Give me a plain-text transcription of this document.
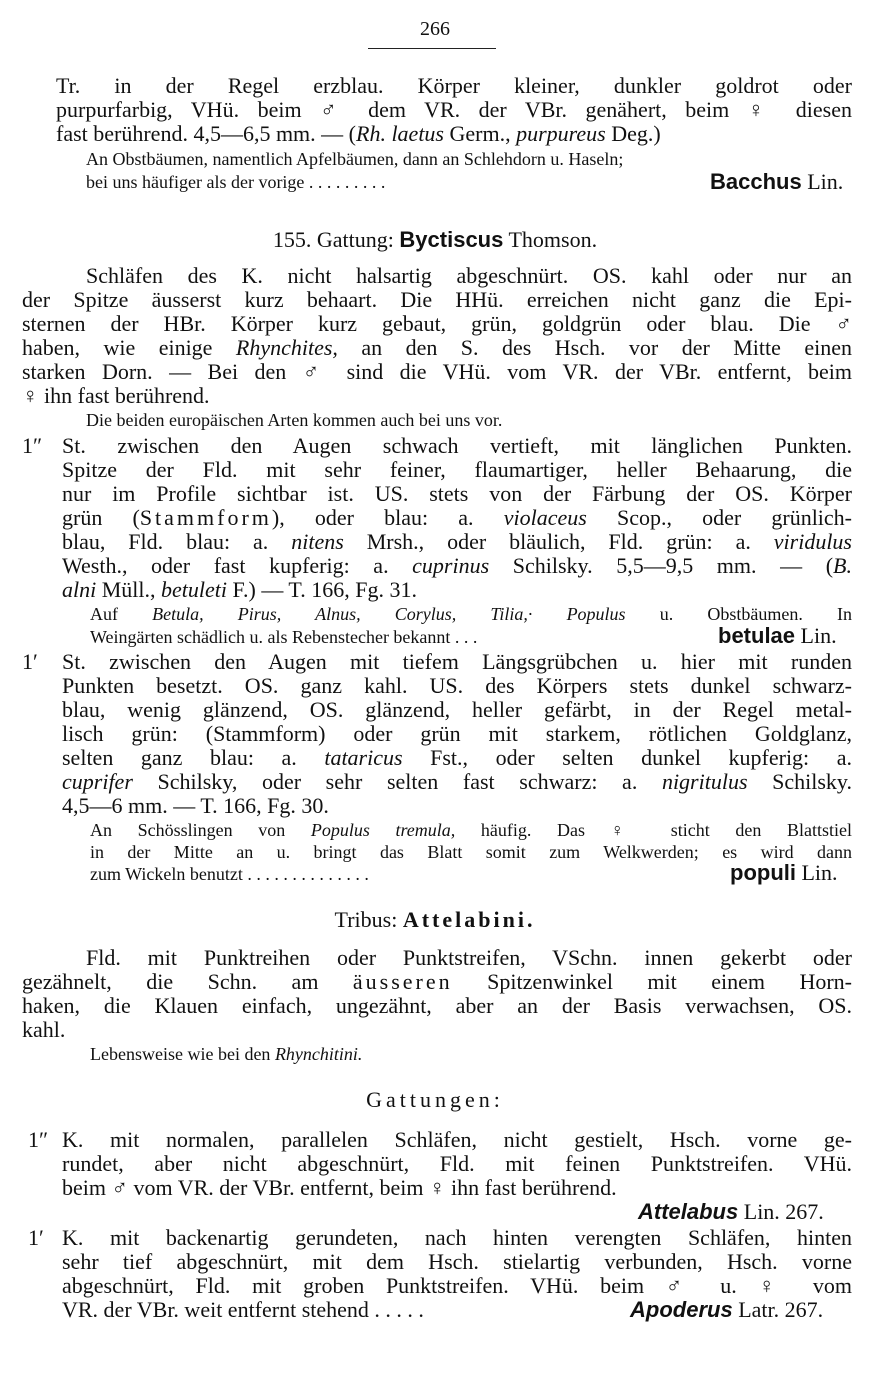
266
Tr. in der Regel erzblau. Körper kleiner, dunkler goldrot oder
purpurfarbig, VHü. beim ♂ dem VR. der VBr. genähert, beim ♀ diesen
fast berührend. 4,5—6,5 mm. — (Rh. laetus Germ., purpureus Deg.)
An Obstbäumen, namentlich Apfelbäumen, dann an Schlehdorn u. Haseln;
bei uns häufiger als der vorige . . . . . . . . .	Bacchus Lin.
155. Gattung: Byctiscus Thomson.
Schläfen des K. nicht halsartig abgeschnürt. OS. kahl oder nur an
der Spitze äusserst kurz behaart. Die HHü. erreichen nicht ganz die Epi-
sternen der HBr. Körper kurz gebaut, grün, goldgrün oder blau. Die ♂
haben, wie einige Rhynchites, an den S. des Hsch. vor der Mitte einen
starken Dorn. — Bei den ♂ sind die VHü. vom VR. der VBr. entfernt, beim
♀ ihn fast berührend.
Die beiden europäischen Arten kommen auch bei uns vor.
1″ St. zwischen den Augen schwach vertieft, mit länglichen Punkten.
Spitze der Fld. mit sehr feiner, flaumartiger, heller Behaarung, die
nur im Profile sichtbar ist. US. stets von der Färbung der OS. Körper
grün (Stammform), oder blau: a. violaceus Scop., oder grünlich-
blau, Fld. blau: a. nitens Mrsh., oder bläulich, Fld. grün: a. viridulus
Westh., oder fast kupferig: a. cuprinus Schilsky. 5,5—9,5 mm. — (B.
alni Müll., betuleti F.) — T. 166, Fg. 31.
Auf Betula, Pirus, Alnus, Corylus, Tilia,· Populus u. Obstbäumen. In
Weingärten schädlich u. als Rebenstecher bekannt . . .	betulae Lin.
1′ St. zwischen den Augen mit tiefem Längsgrübchen u. hier mit runden
Punkten besetzt. OS. ganz kahl. US. des Körpers stets dunkel schwarz-
blau, wenig glänzend, OS. glänzend, heller gefärbt, in der Regel metal-
lisch grün: (Stammform) oder grün mit starkem, rötlichen Goldglanz,
selten ganz blau: a. tataricus Fst., oder selten dunkel kupferig: a.
cuprifer Schilsky, oder sehr selten fast schwarz: a. nigritulus Schilsky.
4,5—6 mm. — T. 166, Fg. 30.
An Schösslingen von Populus tremula, häufig. Das ♀ sticht den Blattstiel
in der Mitte an u. bringt das Blatt somit zum Welkwerden; es wird dann
zum Wickeln benutzt . . . . . . . . . . . . . .	populi Lin.
Tribus: Attelabini.
Fld. mit Punktreihen oder Punktstreifen, VSchn. innen gekerbt oder
gezähnelt, die Schn. am äusseren Spitzenwinkel mit einem Horn-
haken, die Klauen einfach, ungezähnt, aber an der Basis verwachsen, OS.
kahl.
Lebensweise wie bei den Rhynchitini.
Gattungen:
1″ K. mit normalen, parallelen Schläfen, nicht gestielt, Hsch. vorne ge-
rundet, aber nicht abgeschnürt, Fld. mit feinen Punktstreifen. VHü.
beim ♂ vom VR. der VBr. entfernt, beim ♀ ihn fast berührend.
Attelabus Lin. 267.
1′ K. mit backenartig gerundeten, nach hinten verengten Schläfen, hinten
sehr tief abgeschnürt, mit dem Hsch. stielartig verbunden, Hsch. vorne
abgeschnürt, Fld. mit groben Punktstreifen. VHü. beim ♂ u. ♀ vom
VR. der VBr. weit entfernt stehend . . . . .	Apoderus Latr. 267.
